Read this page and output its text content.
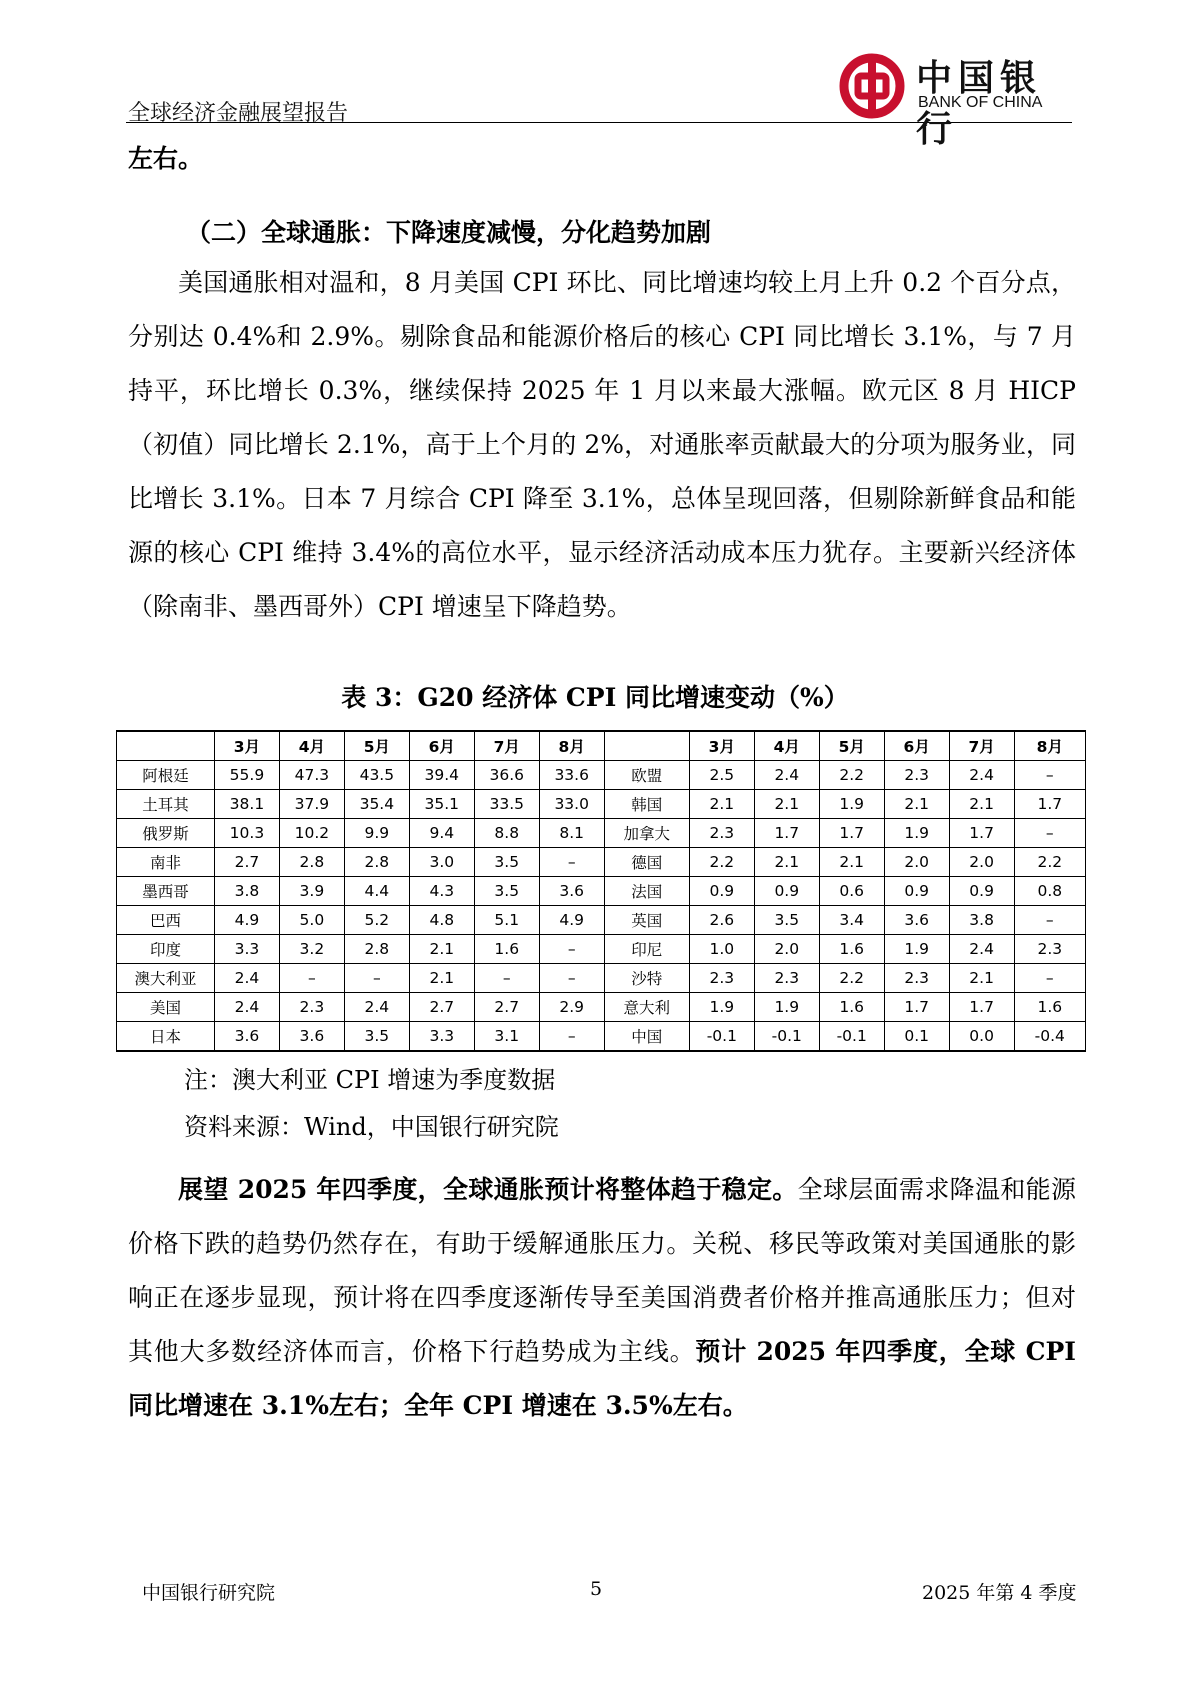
全球经济金融展望报告
中国银行
BANK OF CHINA
左右。
（二）全球通胀：下降速度减慢，分化趋势加剧
美国通胀相对温和，8 月美国 CPI 环比、同比增速均较上月上升 0.2 个百分点，分别达 0.4%和 2.9%。剔除食品和能源价格后的核心 CPI 同比增长 3.1%，与 7 月持平，环比增长 0.3%，继续保持 2025 年 1 月以来最大涨幅。欧元区 8 月 HICP（初值）同比增长 2.1%，高于上个月的 2%，对通胀率贡献最大的分项为服务业，同比增长 3.1%。日本 7 月综合 CPI 降至 3.1%，总体呈现回落，但剔除新鲜食品和能源的核心 CPI 维持 3.4%的高位水平，显示经济活动成本压力犹存。主要新兴经济体（除南非、墨西哥外）CPI 增速呈下降趋势。
表 3：G20 经济体 CPI 同比增速变动（%）
	3月	4月	5月	6月	7月	8月		3月	4月	5月	6月	7月	8月
阿根廷	55.9	47.3	43.5	39.4	36.6	33.6	欧盟	2.5	2.4	2.2	2.3	2.4	–
土耳其	38.1	37.9	35.4	35.1	33.5	33.0	韩国	2.1	2.1	1.9	2.1	2.1	1.7
俄罗斯	10.3	10.2	9.9	9.4	8.8	8.1	加拿大	2.3	1.7	1.7	1.9	1.7	–
南非	2.7	2.8	2.8	3.0	3.5	–	德国	2.2	2.1	2.1	2.0	2.0	2.2
墨西哥	3.8	3.9	4.4	4.3	3.5	3.6	法国	0.9	0.9	0.6	0.9	0.9	0.8
巴西	4.9	5.0	5.2	4.8	5.1	4.9	英国	2.6	3.5	3.4	3.6	3.8	–
印度	3.3	3.2	2.8	2.1	1.6	–	印尼	1.0	2.0	1.6	1.9	2.4	2.3
澳大利亚	2.4	–	–	2.1	–	–	沙特	2.3	2.3	2.2	2.3	2.1	–
美国	2.4	2.3	2.4	2.7	2.7	2.9	意大利	1.9	1.9	1.6	1.7	1.7	1.6
日本	3.6	3.6	3.5	3.3	3.1	–	中国	-0.1	-0.1	-0.1	0.1	0.0	-0.4
注：澳大利亚 CPI 增速为季度数据
资料来源：Wind，中国银行研究院
展望 2025 年四季度，全球通胀预计将整体趋于稳定。全球层面需求降温和能源价格下跌的趋势仍然存在，有助于缓解通胀压力。关税、移民等政策对美国通胀的影响正在逐步显现，预计将在四季度逐渐传导至美国消费者价格并推高通胀压力；但对其他大多数经济体而言，价格下行趋势成为主线。预计 2025 年四季度，全球 CPI 同比增速在 3.1%左右；全年 CPI 增速在 3.5%左右。
中国银行研究院	5	2025 年第 4 季度
